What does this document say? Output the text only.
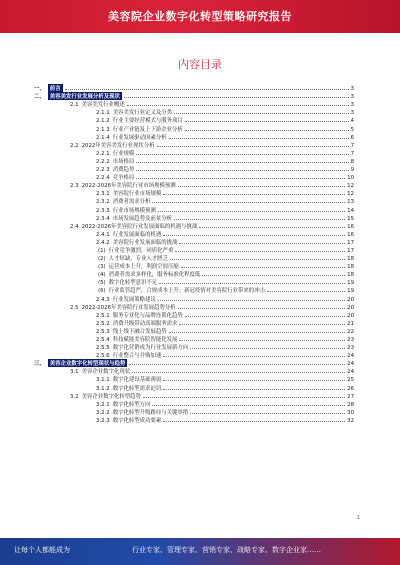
美容院企业数字化转型策略研究报告
内容目录
一、 前言	3
二、 美容美发行业发展分析及现状	3
2.1 美容美发行业概述	3
2.1.1 美容美发行业定义及分类	3
2.1.2 行业主要经营模式与服务项目	4
2.1.3 行业产业链及上下游企业分析	5
2.1.4 行业发展驱动因素分析	6
2.2 2022年美容美发行业现状分析	7
2.2.1 行业规模	7
2.2.2 市场格局	8
2.2.3 消费趋势	9
2.2.4 竞争格局	10
2.3 2022-2026年美容院行业市场规模预测	12
2.3.1 美容院行业市场规模	12
2.3.2 消费者需求分析	13
2.3.3 行业市场规模预测	14
2.3.4 市场发展趋势及前景分析	15
2.4 2022-2026年美容院行业发展面临的机遇与挑战	16
2.4.1 行业发展面临的机遇	16
2.4.2 美容院行业发展面临的挑战	17
(1) 行业竞争激烈，同质化严重	17
(2) 人才短缺，专业人才匮乏	18
(3) 运营成本上升，利润空间压缩	18
(4) 消费者需求多样化，服务标准化程度低	18
(5) 数字化转型意识不足	19
(6) 行业监管趋严，合规成本上升；新冠疫情对美容院行业带来的冲击	19
2.4.3 行业发展策略建议	20
2.5 2022-2026年美容院行业发展趋势分析	20
2.5.1 服务专业化与品牌连锁化趋势	20
2.5.2 消费升级带动高端服务需求	21
2.5.3 线上线下融合发展趋势	22
2.5.4 科技赋能美容院智能化发展	23
2.5.5 数字化营销成为行业发展新方向	23
2.5.6 行业整合与并购加速	24
三、 美容企业数字化转型现状与趋势	24
3.1 美容企业数字化现状	24
3.1.1 数字化建设基础薄弱	25
3.1.2 数字化转型需求迫切	26
3.2 美容企业数字化转型趋势	27
3.2.1 数字化转型方向	28
3.2.2 数字化转型升级路径与关键举措	30
3.2.3 数字化转型成功要素	32
1
让每个人都能成为	行业专家、管理专家、营销专家、战略专家、数字企业家……
